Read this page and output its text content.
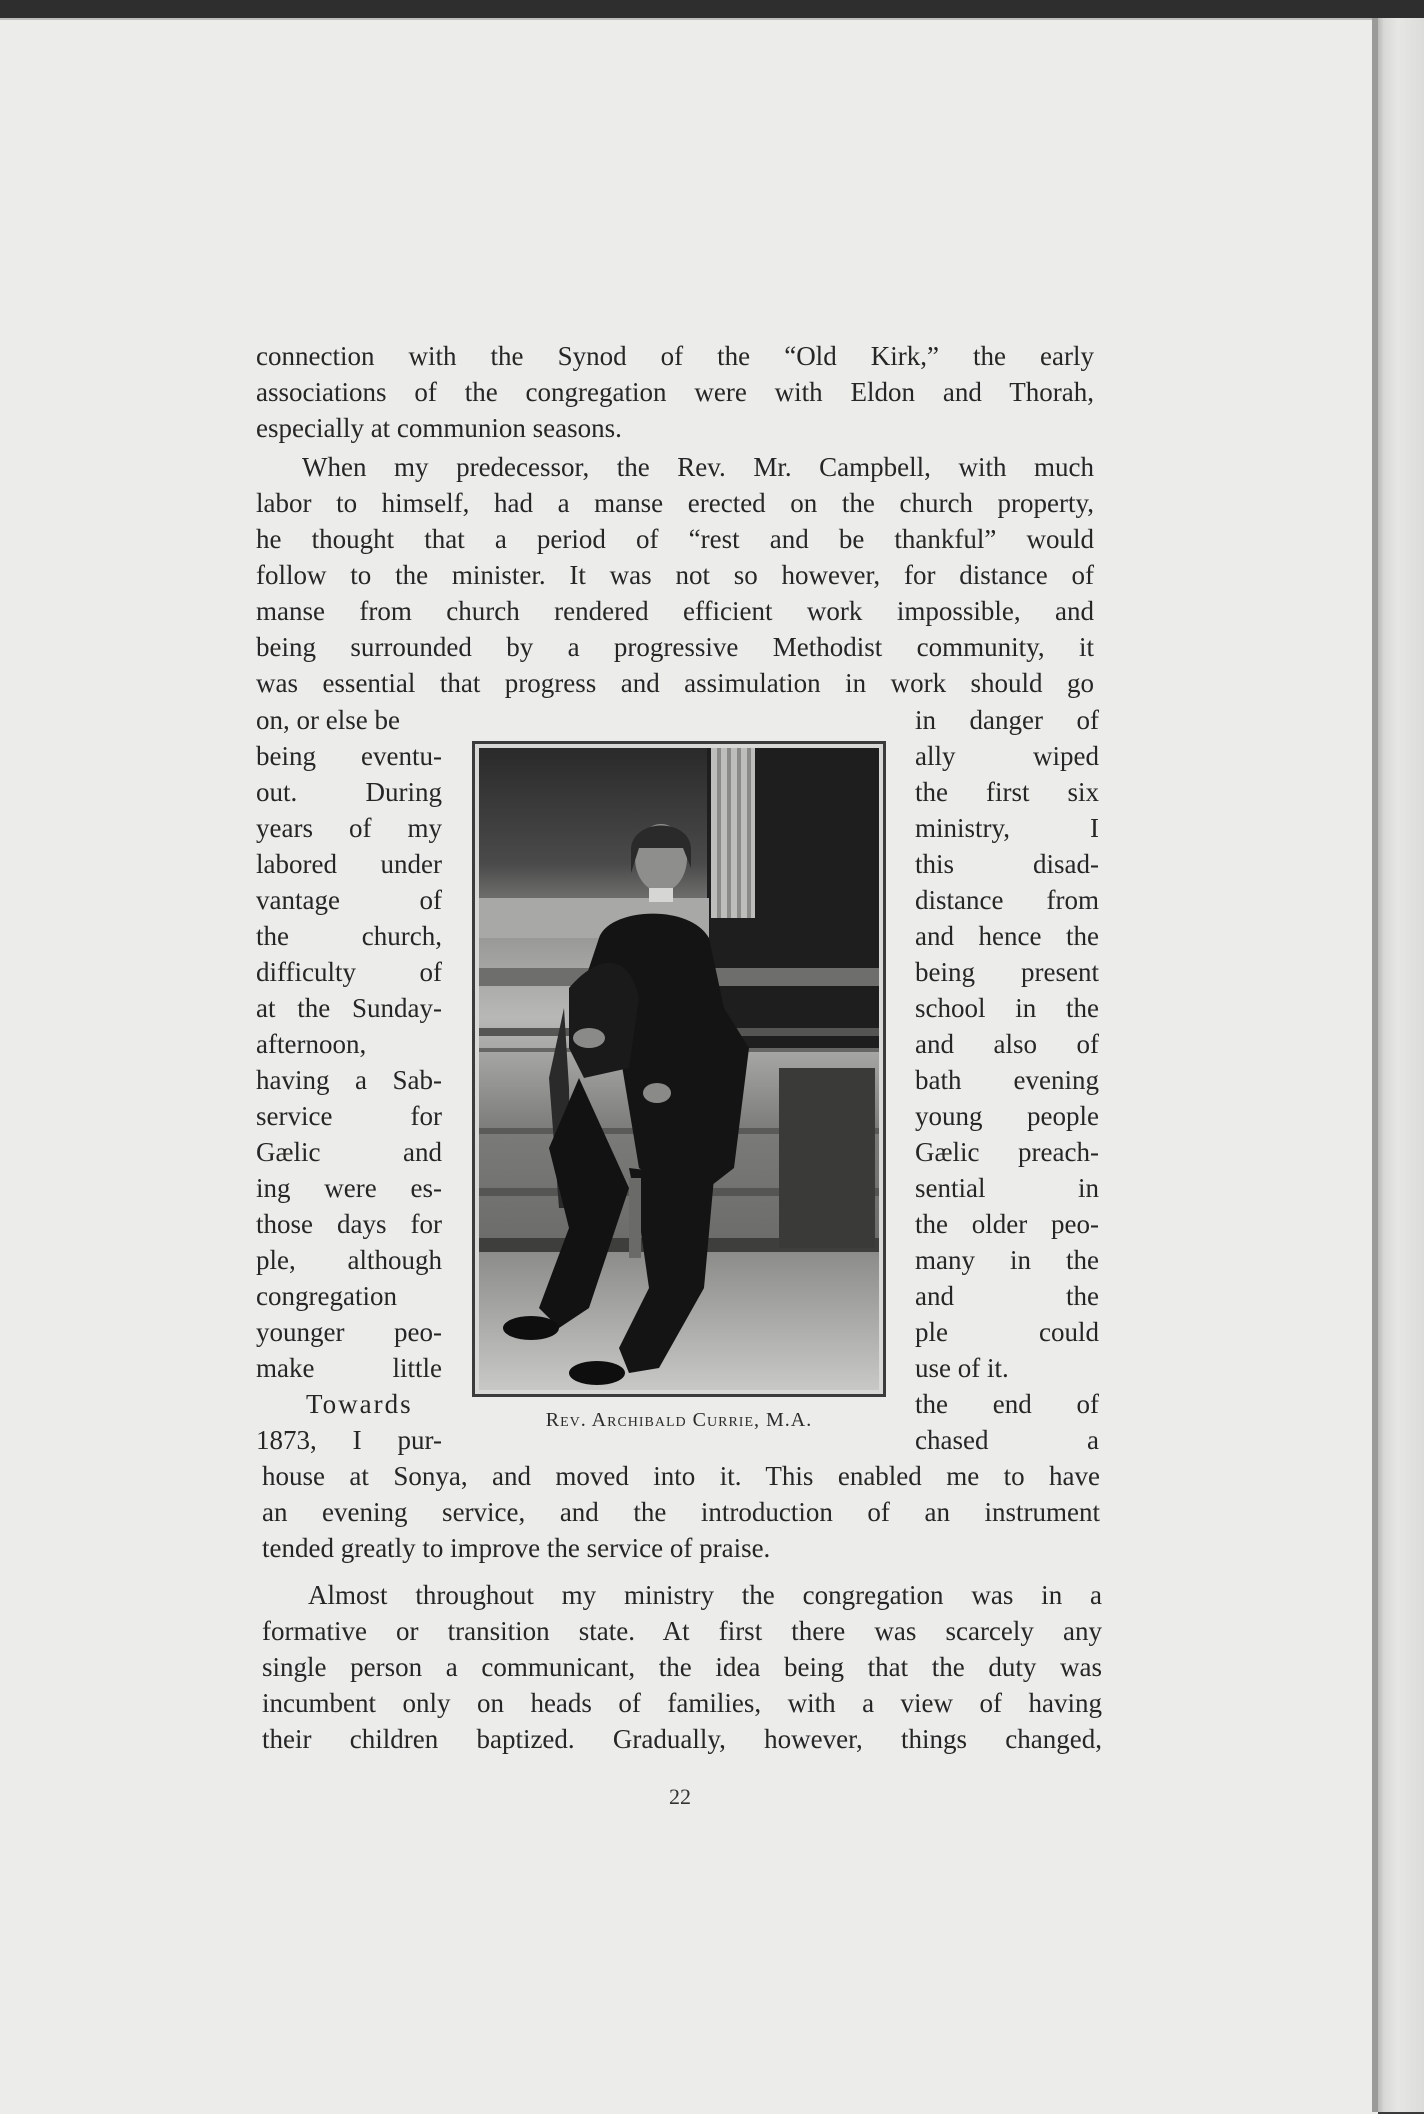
connection with the Synod of the “Old Kirk,” the early
associations of the congregation were with Eldon and Thorah,
especially at communion seasons.
When my predecessor, the Rev. Mr. Campbell, with much
labor to himself, had a manse erected on the church property,
he thought that a period of “rest and be thankful” would
follow to the minister. It was not so however, for distance of
manse from church rendered efficient work impossible, and
being surrounded by a progressive Methodist community, it
was essential that progress and assimulation in work should go
on, or else be
being eventu-
out. During
years of my
labored under
vantage of
the church,
difficulty of
at the Sunday-
afternoon,
having a Sab-
service for
Gælic and
ing were es-
those days for
ple, although
congregation
younger peo-
make little
Towards
1873, I pur-
in danger of
ally wiped
the first six
ministry, I
this disad-
distance from
and hence the
being present
school in the
and also of
bath evening
young people
Gælic preach-
sential in
the older peo-
many in the
and the
ple could
use of it.
the end of
chased a
Rev. Archibald Currie, M.A.
house at Sonya, and moved into it. This enabled me to have
an evening service, and the introduction of an instrument
tended greatly to improve the service of praise.
Almost throughout my ministry the congregation was in a
formative or transition state. At first there was scarcely any
single person a communicant, the idea being that the duty was
incumbent only on heads of families, with a view of having
their children baptized. Gradually, however, things changed,
22
